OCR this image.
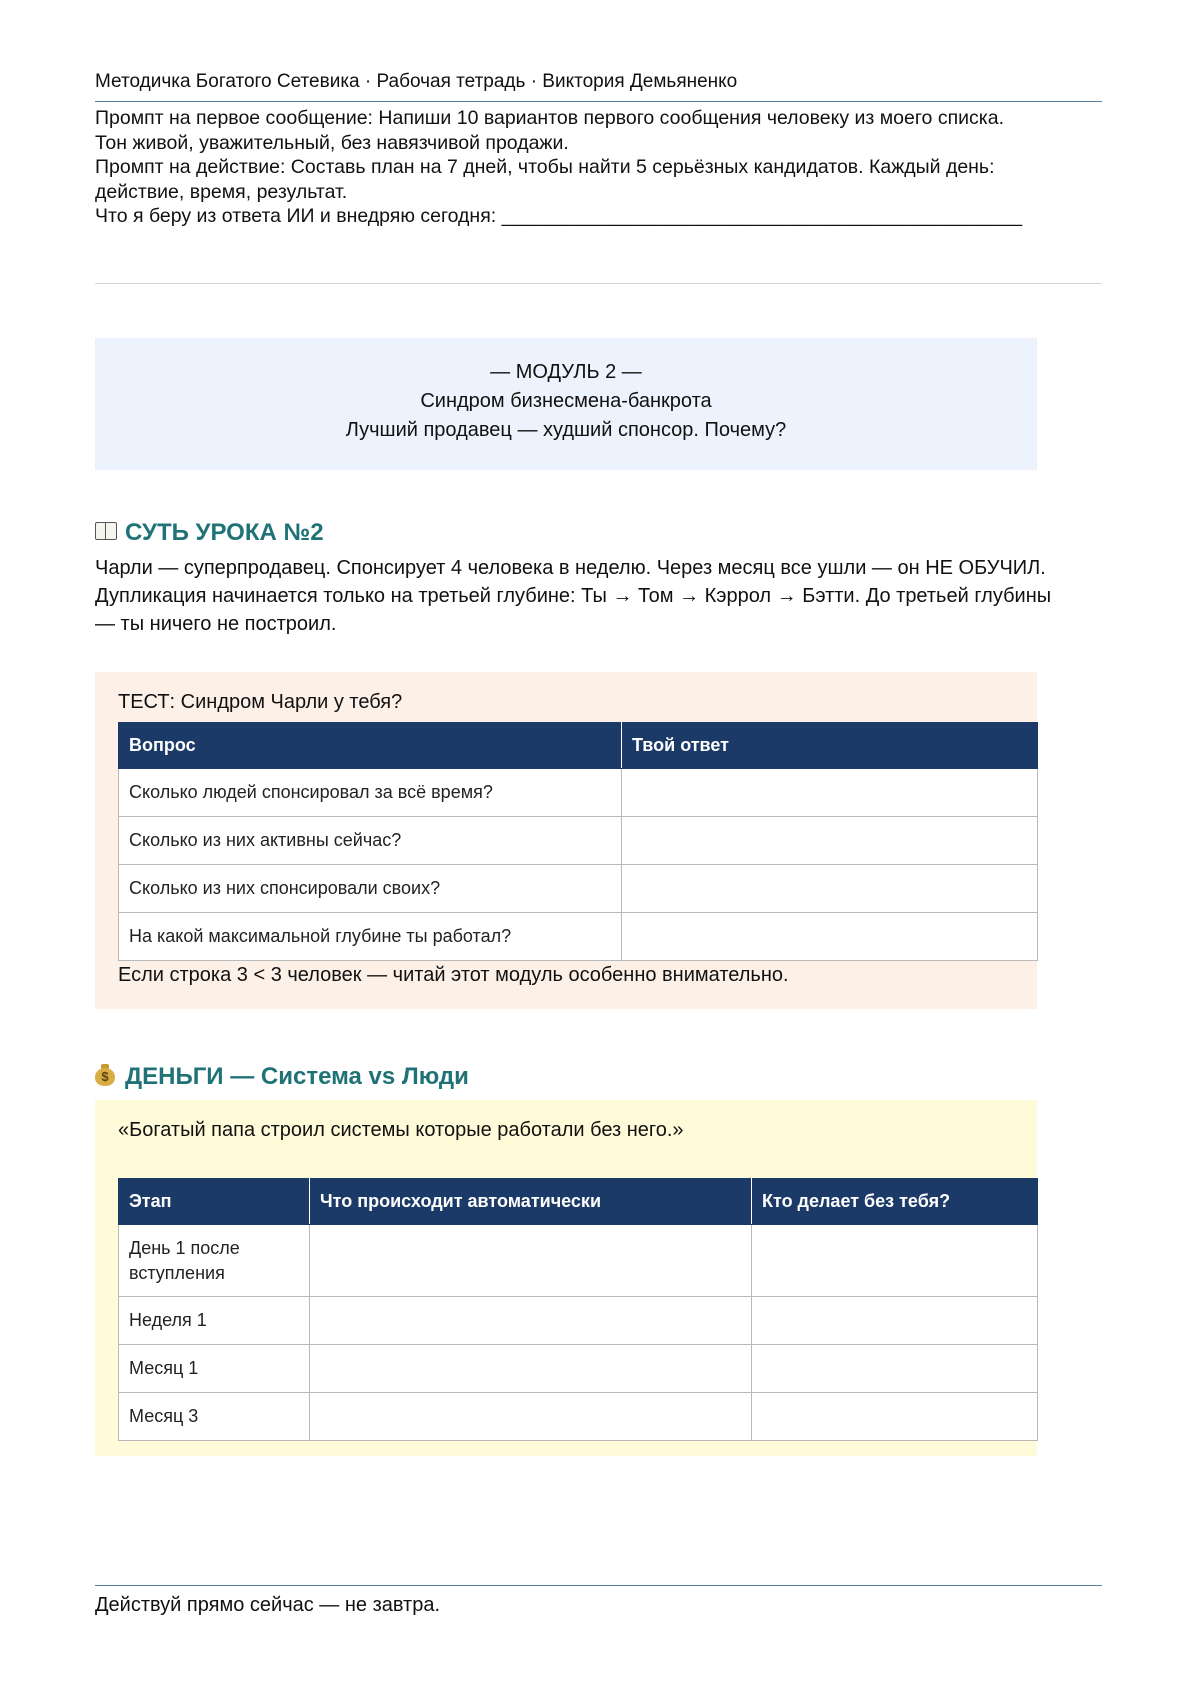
Методичка Богатого Сетевика · Рабочая тетрадь · Виктория Демьяненко
Промпт на первое сообщение: Напиши 10 вариантов первого сообщения человеку из моего списка.
Тон живой, уважительный, без навязчивой продажи.
Промпт на действие: Составь план на 7 дней, чтобы найти 5 серьёзных кандидатов. Каждый день:
действие, время, результат.
Что я беру из ответа ИИ и внедряю сегодня: ________________________________________________
— МОДУЛЬ 2 —
Синдром бизнесмена-банкрота
Лучший продавец — худший спонсор. Почему?
СУТЬ УРОКА №2
Чарли — суперпродавец. Спонсирует 4 человека в неделю. Через месяц все ушли — он НЕ ОБУЧИЛ. Дупликация начинается только на третьей глубине: Ты → Том → Кэррол → Бэтти. До третьей глубины — ты ничего не построил.
ТЕСТ: Синдром Чарли у тебя?
Вопрос	Твой ответ
Сколько людей спонсировал за всё время?	
Сколько из них активны сейчас?	
Сколько из них спонсировали своих?	
На какой максимальной глубине ты работал?	
Если строка 3 < 3 человек — читай этот модуль особенно внимательно.
$ ДЕНЬГИ — Система vs Люди
«Богатый папа строил системы которые работали без него.»
Этап	Что происходит автоматически	Кто делает без тебя?
День 1 после вступления		
Неделя 1		
Месяц 1		
Месяц 3		
Действуй прямо сейчас — не завтра.
